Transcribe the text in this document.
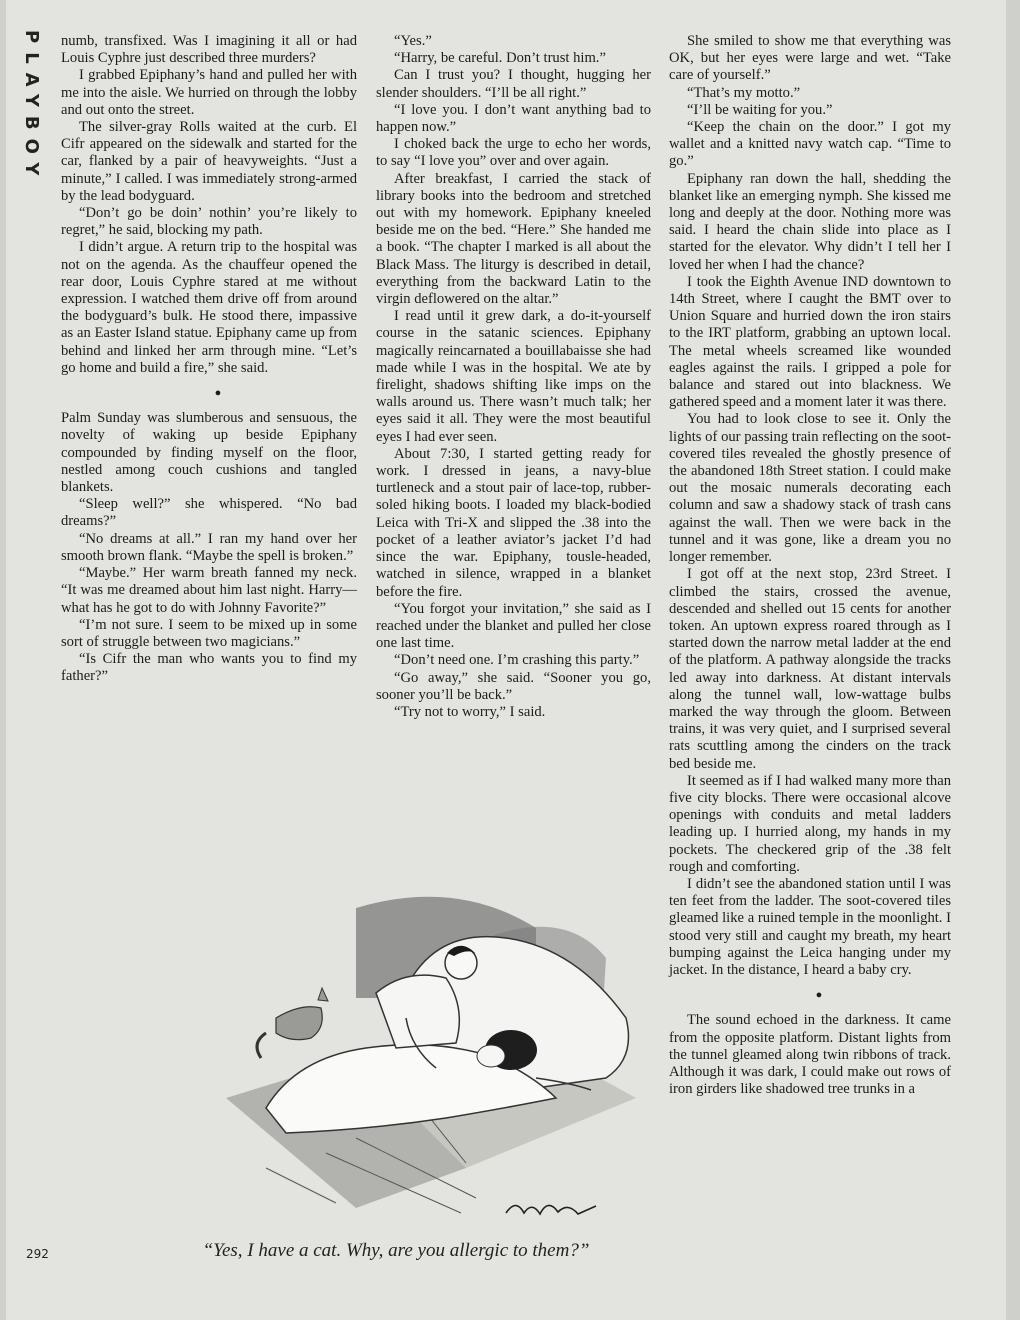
PLAYBOY numb, transfixed. Was I imagining it all or had Louis Cyphre just described three murders?

I grabbed Epiphany’s hand and pulled her with me into the aisle. We hurried on through the lobby and out onto the street.

The silver-gray Rolls waited at the curb. El Cifr appeared on the sidewalk and started for the car, flanked by a pair of heavyweights. “Just a minute,” I called. I was immediately strong-armed by the lead bodyguard.

“Don’t go be doin’ nothin’ you’re likely to regret,” he said, blocking my path.

I didn’t argue. A return trip to the hospital was not on the agenda. As the chauffeur opened the rear door, Louis Cyphre stared at me without expression. I watched them drive off from around the bodyguard’s bulk. He stood there, impassive as an Easter Island statue. Epiphany came up from behind and linked her arm through mine. “Let’s go home and build a fire,” she said.

●

Palm Sunday was slumberous and sensuous, the novelty of waking up beside Epiphany compounded by finding myself on the floor, nestled among couch cushions and tangled blankets.

“Sleep well?” she whispered. “No bad dreams?”

“No dreams at all.” I ran my hand over her smooth brown flank. “Maybe the spell is broken.”

“Maybe.” Her warm breath fanned my neck. “It was me dreamed about him last night. Harry—what has he got to do with Johnny Favorite?”

“I’m not sure. I seem to be mixed up in some sort of struggle between two magicians.”

“Is Cifr the man who wants you to find my father?”

“Yes.”

“Harry, be careful. Don’t trust him.”

Can I trust you? I thought, hugging her slender shoulders. “I’ll be all right.”

“I love you. I don’t want anything bad to happen now.”

I choked back the urge to echo her words, to say “I love you” over and over again.

After breakfast, I carried the stack of library books into the bedroom and stretched out with my homework. Epiphany kneeled beside me on the bed. “Here.” She handed me a book. “The chapter I marked is all about the Black Mass. The liturgy is described in detail, everything from the backward Latin to the virgin deflowered on the altar.”

I read until it grew dark, a do-it-yourself course in the satanic sciences. Epiphany magically reincarnated a bouillabaisse she had made while I was in the hospital. We ate by firelight, shadows shifting like imps on the walls around us. There wasn’t much talk; her eyes said it all. They were the most beautiful eyes I had ever seen.

About 7:30, I started getting ready for work. I dressed in jeans, a navy-blue turtleneck and a stout pair of lace-top, rubber-soled hiking boots. I loaded my black-bodied Leica with Tri-X and slipped the .38 into the pocket of a leather aviator’s jacket I’d had since the war. Epiphany, tousle-headed, watched in silence, wrapped in a blanket before the fire.

“You forgot your invitation,” she said as I reached under the blanket and pulled her close one last time.

“Don’t need one. I’m crashing this party.”

“Go away,” she said. “Sooner you go, sooner you’ll be back.”

“Try not to worry,” I said.

She smiled to show me that everything was OK, but her eyes were large and wet. “Take care of yourself.”

“That’s my motto.”

“I’ll be waiting for you.”

“Keep the chain on the door.” I got my wallet and a knitted navy watch cap. “Time to go.”

Epiphany ran down the hall, shedding the blanket like an emerging nymph. She kissed me long and deeply at the door. Nothing more was said. I heard the chain slide into place as I started for the elevator. Why didn’t I tell her I loved her when I had the chance?

I took the Eighth Avenue IND downtown to 14th Street, where I caught the BMT over to Union Square and hurried down the iron stairs to the IRT platform, grabbing an uptown local. The metal wheels screamed like wounded eagles against the rails. I gripped a pole for balance and stared out into blackness. We gathered speed and a moment later it was there.

You had to look close to see it. Only the lights of our passing train reflecting on the soot-covered tiles revealed the ghostly presence of the abandoned 18th Street station. I could make out the mosaic numerals decorating each column and saw a shadowy stack of trash cans against the wall. Then we were back in the tunnel and it was gone, like a dream you no longer remember.

I got off at the next stop, 23rd Street. I climbed the stairs, crossed the avenue, descended and shelled out 15 cents for another token. An uptown express roared through as I started down the narrow metal ladder at the end of the platform. A pathway alongside the tracks led away into darkness. At distant intervals along the tunnel wall, low-wattage bulbs marked the way through the gloom. Between trains, it was very quiet, and I surprised several rats scuttling among the cinders on the track bed beside me.

It seemed as if I had walked many more than five city blocks. There were occasional alcove openings with conduits and metal ladders leading up. I hurried along, my hands in my pockets. The checkered grip of the .38 felt rough and comforting.

I didn’t see the abandoned station until I was ten feet from the ladder. The soot-covered tiles gleamed like a ruined temple in the moonlight. I stood very still and caught my breath, my heart bumping against the Leica hanging under my jacket. In the distance, I heard a baby cry.

●

The sound echoed in the darkness. It came from the opposite platform. Distant lights from the tunnel gleamed along twin ribbons of track. Although it was dark, I could make out rows of iron girders like shadowed tree trunks in a

“Yes, I have a cat. Why, are you allergic to them?”
292
